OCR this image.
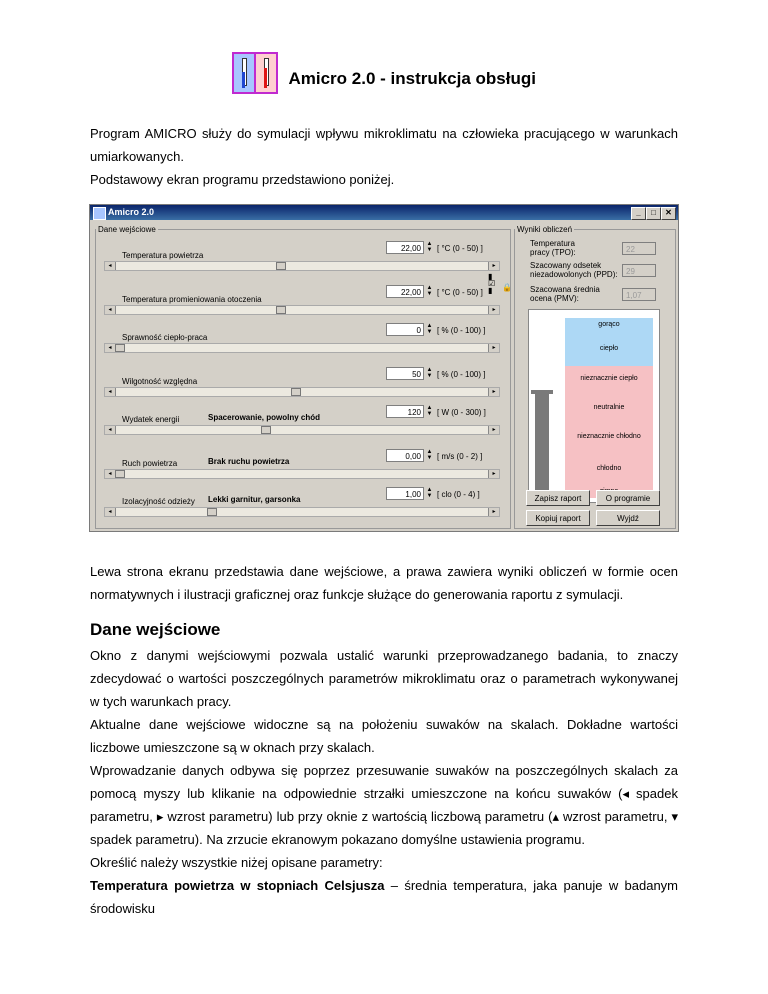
Amicro 2.0 - instrukcja obsługi

Program AMICRO służy do symulacji wpływu mikroklimatu na człowieka pracującego w warunkach umiarkowanych.

Podstawowy ekran programu przedstawiono poniżej.

Amicro 2.0	_	□	✕
Dane wejściowe
Temperatura powietrza
22,00 ▲
▼ [ °C (0 - 50) ]
◂	▸
Temperatura promieniowania otoczenia
22,00 ▲
▼ [ °C (0 - 50) ]
◂	▸
Sprawność ciepło-praca
0 ▲
▼ [ % (0 - 100) ]
◂	▸
Wilgotność względna
50 ▲
▼ [ % (0 - 100) ]
◂	▸
Wydatek energii	Spacerowanie, powolny chód
120 ▲
▼ [ W (0 - 300) ]
◂	▸
Ruch powietrza	Brak ruchu powietrza
0,00 ▲
▼ [ m/s (0 - 2) ]
◂	▸
Izolacyjność odzieży Lekki garnitur, garsonka
1,00 ▲
▼ [ clo (0 - 4) ]
◂	▸
▮
☑
▮	🔒
Wyniki obliczeń
Temperatura
pracy (TPO):	22
Szacowany odsetek
niezadowolonych (PPD):	29
Szacowana średnia
ocena (PMV):	1,07
gorąco
ciepło
nieznacznie ciepło
neutralnie
nieznacznie chłodno
chłodno
Zapisz raport	O programie
Kopiuj raport	Wyjdź

Lewa strona ekranu przedstawia dane wejściowe, a prawa zawiera wyniki obliczeń w formie ocen normatywnych i ilustracji graficznej oraz funkcje służące do generowania raportu z symulacji.

Dane wejściowe

Okno z danymi wejściowymi pozwala ustalić warunki przeprowadzanego badania, to znaczy zdecydować o wartości poszczególnych parametrów mikroklimatu oraz o parametrach wykonywanej w tych warunkach pracy.

Aktualne dane wejściowe widoczne są na położeniu suwaków na skalach. Dokładne wartości liczbowe umieszczone są w oknach przy skalach.

Wprowadzanie danych odbywa się poprzez przesuwanie suwaków na poszczególnych skalach za pomocą myszy lub klikanie na odpowiednie strzałki umieszczone na końcu suwaków (◂ spadek parametru, ▸ wzrost parametru) lub przy oknie z wartością liczbową parametru (▴ wzrost parametru, ▾ spadek parametru). Na zrzucie ekranowym pokazano domyślne ustawienia programu.

Określić należy wszystkie niżej opisane parametry:

Temperatura powietrza w stopniach Celsjusza – średnia temperatura, jaka panuje w badanym środowisku
